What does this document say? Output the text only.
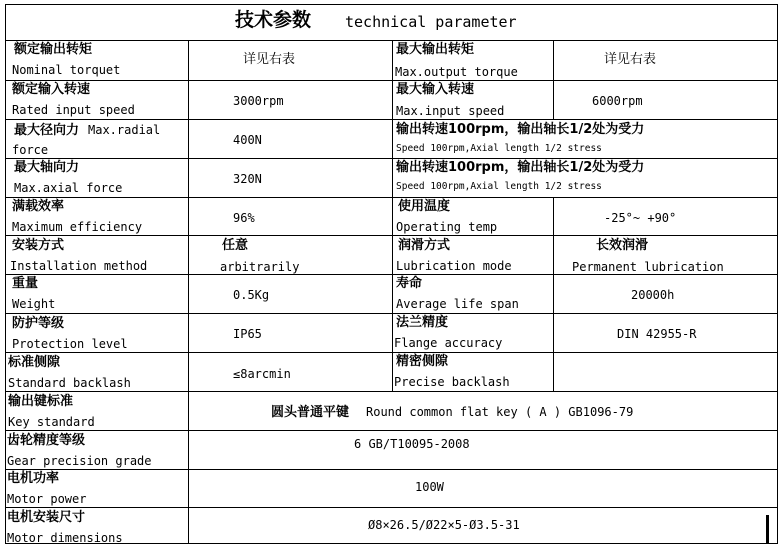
技术参数 technical parameter
额定输出转矩
Nominal torquet
详见右表
最大输出转矩
Max.output torque
详见右表
额定输入转速
Rated input speed
3000rpm
最大输入转速
Max.input speed
6000rpm
最大径向力 Max.radial
force
400N
输出转速100rpm，输出轴长1/2处为受力
Speed 100rpm,Axial length 1/2 stress
最大轴向力
Max.axial force
320N
输出转速100rpm，输出轴长1/2处为受力
Speed 100rpm,Axial length 1/2 stress
满载效率
Maximum efficiency
96%
使用温度
Operating temp
-25°~ +90°
安装方式
Installation method
任意
arbitrarily
润滑方式
Lubrication mode
长效润滑
Permanent lubrication
重量
Weight
0.5Kg
寿命
Average life span
20000h
防护等级
Protection level
IP65
法兰精度
Flange accuracy
DIN 42955-R
标准侧隙
Standard backlash
≤8arcmin
精密侧隙
Precise backlash
输出键标准
Key standard
圆头普通平键 Round common flat key ( A ) GB1096-79
齿轮精度等级
Gear precision grade
6 GB/T10095-2008
电机功率
Motor power
100W
电机安装尺寸
Motor dimensions
Ø8×26.5/Ø22×5-Ø3.5-31
